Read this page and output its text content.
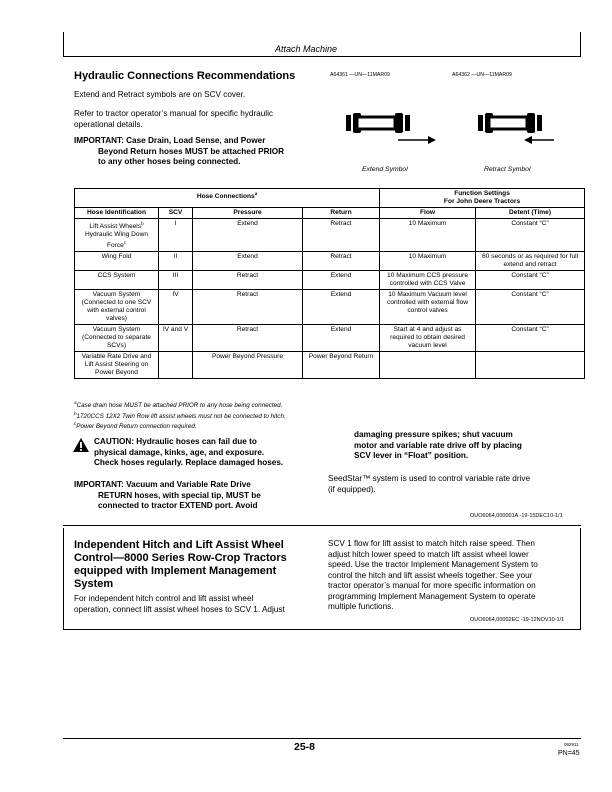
Attach Machine
Hydraulic Connections Recommendations
Extend and Retract symbols are on SCV cover.
Refer to tractor operator’s manual for specific hydraulic
operational details.
IMPORTANT: Case Drain, Load Sense, and Power
Beyond Return hoses MUST be attached PRIOR
to any other hoses being connected.
A64361 —UN—11MAR09	A64362 —UN—11MAR09
Extend Symbol	Retract Symbol
Hose Connections$^a$				Function Settings
For John Deere Tractors	

Hose Identification	SCV	Pressure	Return	Flow	Detent (Time)
Lift Assist Wheels$^b$
Hydraulic Wing Down
Force$^c$	I	Extend	Retract	10 Maximum	Constant “C”
Wing Fold	II	Extend	Retract	10 Maximum	60 seconds or as required for full extend and retract
CCS System	III	Retract	Extend	10 Maximum CCS pressure controlled with CCS Valve	Constant “C”
Vacuum System (Connected to one SCV with external control valves)	IV	Retract	Extend	10 Maximum Vacuum level controlled with external flow control valves	Constant “C”
Vacuum System (Connected to separate SCVs)	IV and V	Retract	Extend	Start at 4 and adjust as required to obtain desired vacuum level	Constant “C”
Variable Rate Drive and Lift Assist Steering on Power Beyond		Power Beyond Pressure	Power Beyond Return		
$^a$Case drain hose MUST be attached PRIOR to any hose being connected.
$^b$1720CCS 12X2 Twin Row lift assist wheels must not be connected to hitch.
$^c$Power Beyond Return connection required.
CAUTION: Hydraulic hoses can fail due to
physical damage, kinks, age, and exposure.
Check hoses regularly. Replace damaged hoses.
IMPORTANT: Vacuum and Variable Rate Drive
RETURN hoses, with special tip, MUST be
connected to tractor EXTEND port. Avoid
damaging pressure spikes; shut vacuum
motor and variable rate drive off by placing
SCV lever in “Float” position.
SeedStar™ system is used to control variable rate drive
(if equipped).
OUO6064,000001A -19-15DEC10-1/1
Independent Hitch and Lift Assist Wheel
Control—8000 Series Row-Crop Tractors
equipped with Implement Management
System
For independent hitch control and lift assist wheel
operation, connect lift assist wheel hoses to SCV 1. Adjust
SCV 1 flow for lift assist to match hitch raise speed. Then
adjust hitch lower speed to match lift assist wheel lower
speed. Use the tractor Implement Management System to
control the hitch and lift assist wheels together. See your
tractor operator’s manual for more specific information on
programming Implement Management System to operate
multiple functions.
OUO6064,00002EC -19-12NOV10-1/1
25-8	062911
PN=45
